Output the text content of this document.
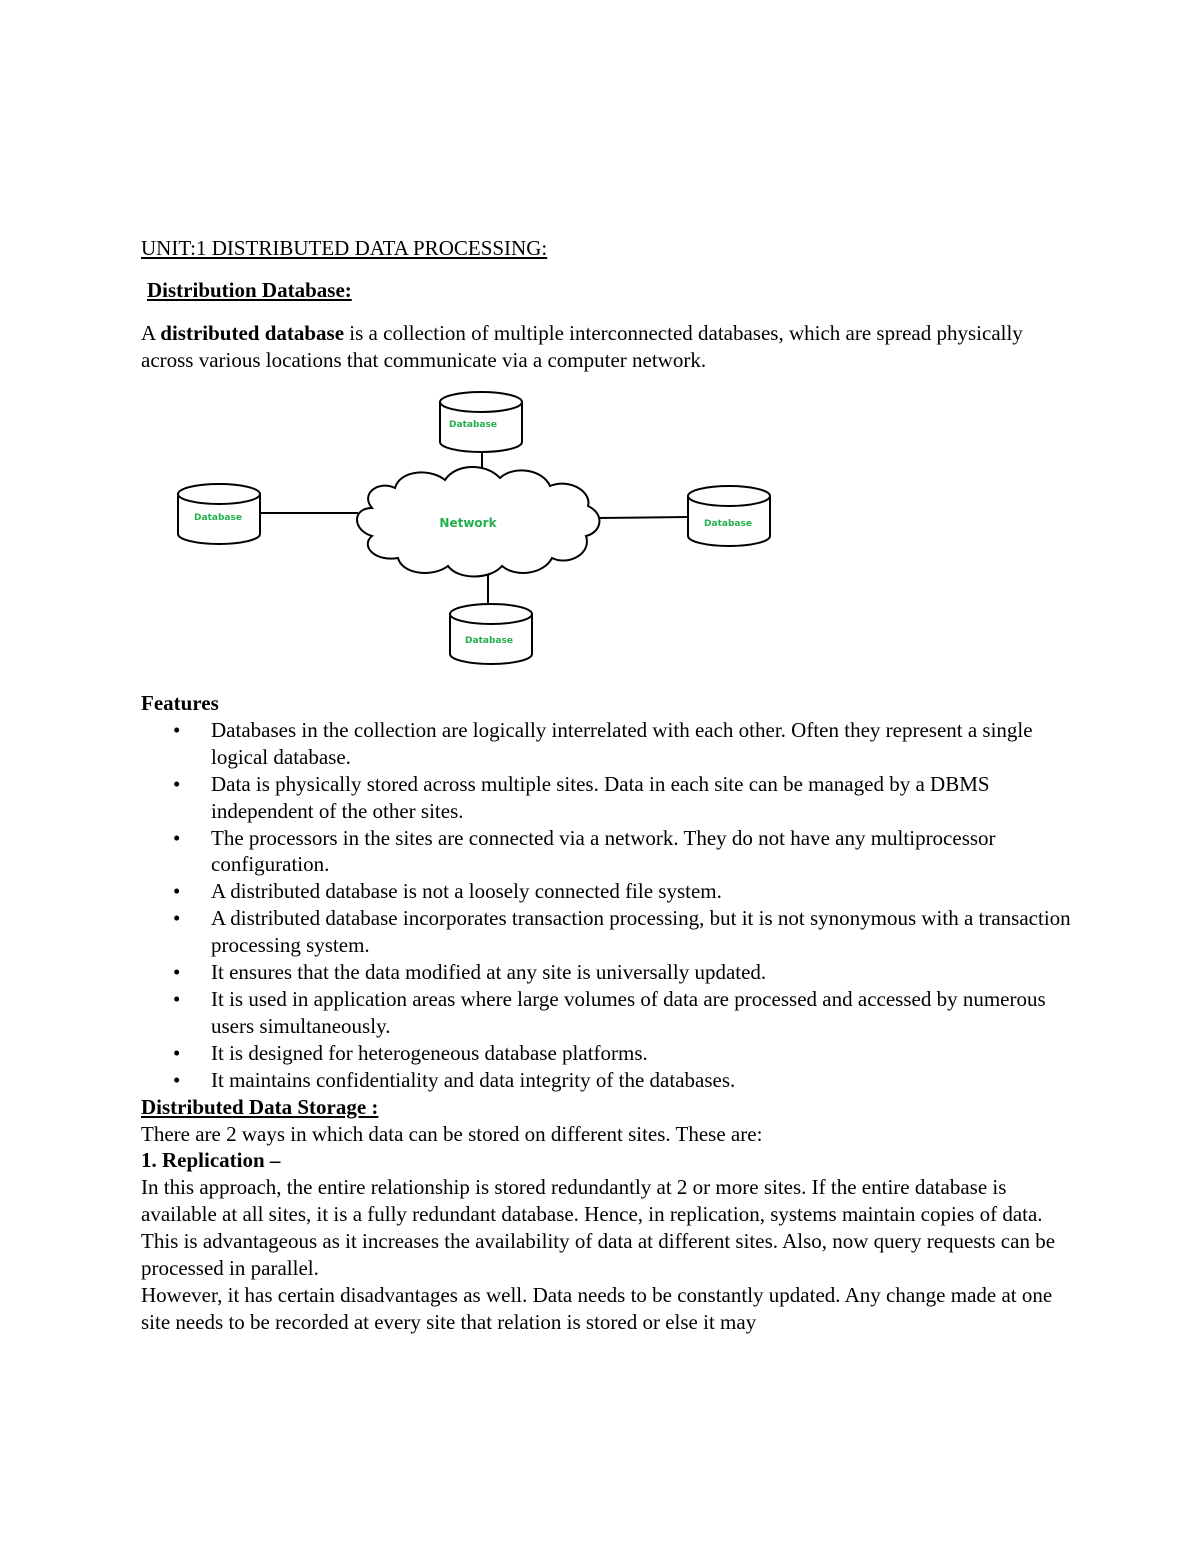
UNIT:1 DISTRIBUTED DATA PROCESSING:
Distribution Database:

A distributed database is a collection of multiple interconnected databases, which are spread physically across various locations that communicate via a computer network.

Network
Database
Database
Database
Database
Features
• Databases in the collection are logically interrelated with each other. Often they represent a single logical database.
• Data is physically stored across multiple sites. Data in each site can be managed by a DBMS independent of the other sites.
• The processors in the sites are connected via a network. They do not have any multiprocessor configuration.
• A distributed database is not a loosely connected file system.
• A distributed database incorporates transaction processing, but it is not synonymous with a transaction processing system.
• It ensures that the data modified at any site is universally updated.
• It is used in application areas where large volumes of data are processed and accessed by numerous users simultaneously.
• It is designed for heterogeneous database platforms.
• It maintains confidentiality and data integrity of the databases.
Distributed Data Storage :

There are 2 ways in which data can be stored on different sites. These are:

1. Replication –

In this approach, the entire relationship is stored redundantly at 2 or more sites. If the entire database is available at all sites, it is a fully redundant database. Hence, in replication, systems maintain copies of data.

This is advantageous as it increases the availability of data at different sites. Also, now query requests can be processed in parallel.

However, it has certain disadvantages as well. Data needs to be constantly updated. Any change made at one site needs to be recorded at every site that relation is stored or else it may
